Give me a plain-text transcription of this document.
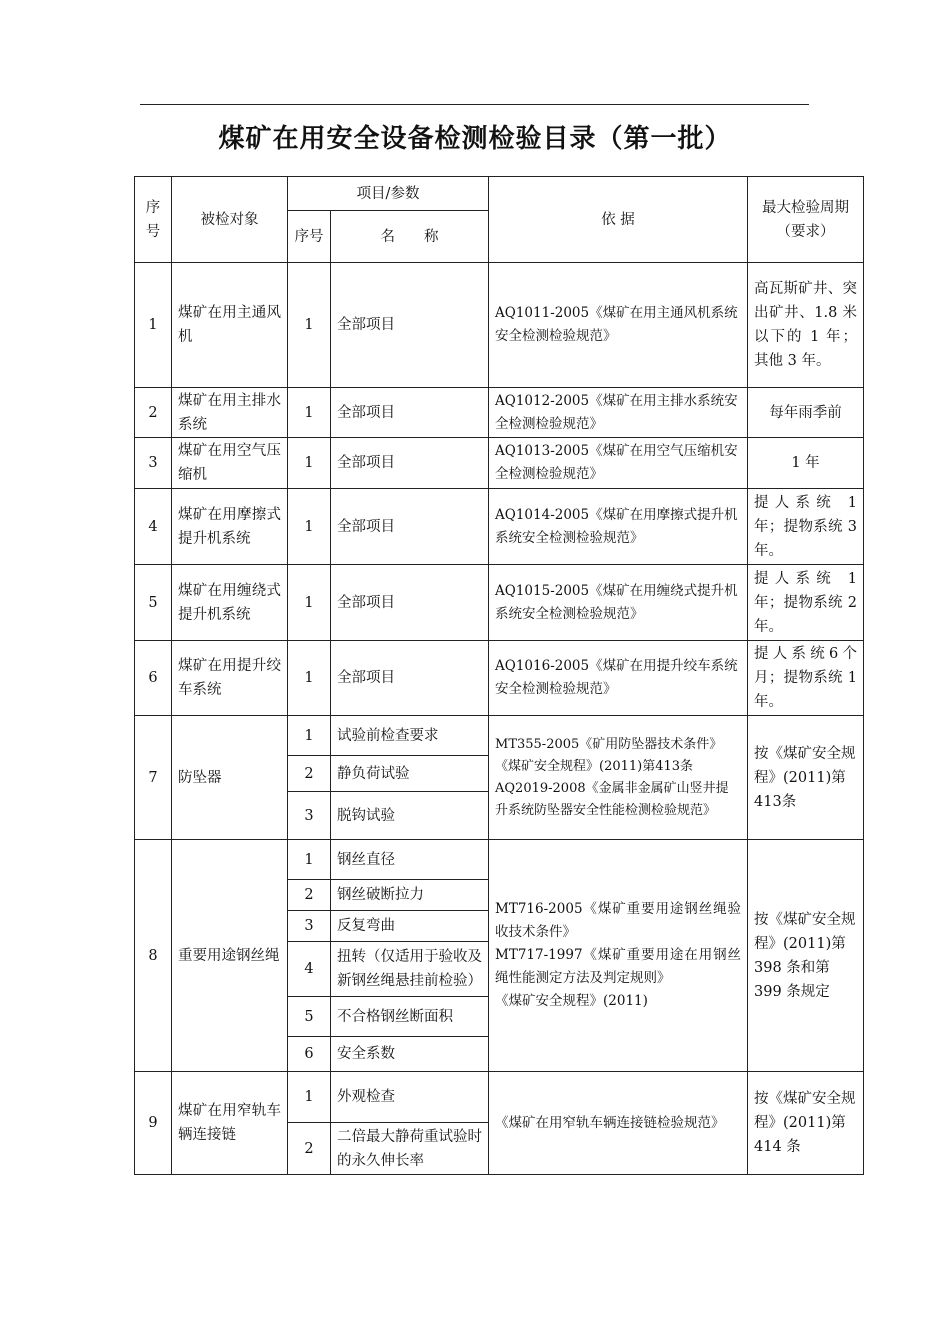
煤矿在用安全设备检测检验目录（第一批）
序号	被检对象	项目/参数		依 据	最大检验周期（要求）
		序号	名　　称		
1	煤矿在用主通风机	1	全部项目	AQ1011-2005《煤矿在用主通风机系统安全检测检验规范》	高瓦斯矿井、突出矿井、1.8 米以下的 1 年；其他 3 年。
2	煤矿在用主排水系统	1	全部项目	AQ1012-2005《煤矿在用主排水系统安全检测检验规范》	每年雨季前
3	煤矿在用空气压缩机	1	全部项目	AQ1013-2005《煤矿在用空气压缩机安全检测检验规范》	1 年
4	煤矿在用摩擦式提升机系统	1	全部项目	AQ1014-2005《煤矿在用摩擦式提升机系统安全检测检验规范》	提人系统 1 年；提物系统 3 年。
5	煤矿在用缠绕式提升机系统	1	全部项目	AQ1015-2005《煤矿在用缠绕式提升机系统安全检测检验规范》	提人系统 1 年；提物系统 2 年。
6	煤矿在用提升绞车系统	1	全部项目	AQ1016-2005《煤矿在用提升绞车系统安全检测检验规范》	提人系统6个月；提物系统 1 年。
7	防坠器	1	试验前检查要求	MT355-2005《矿用防坠器技术条件》
《煤矿安全规程》(2011)第413条
AQ2019-2008《金属非金属矿山竖井提升系统防坠器安全性能检测检验规范》	按《煤矿安全规程》(2011)第413条
		2	静负荷试验		
		3	脱钩试验		
8	重要用途钢丝绳	1	钢丝直径	MT716-2005《煤矿重要用途钢丝绳验收技术条件》
MT717-1997《煤矿重要用途在用钢丝绳性能测定方法及判定规则》
《煤矿安全规程》(2011)	按《煤矿安全规程》(2011)第 398 条和第 399 条规定
		2	钢丝破断拉力		
		3	反复弯曲		
		4	扭转（仅适用于验收及新钢丝绳悬挂前检验）		
		5	不合格钢丝断面积		
		6	安全系数		
9	煤矿在用窄轨车辆连接链	1	外观检查	《煤矿在用窄轨车辆连接链检验规范》	按《煤矿安全规程》(2011)第 414 条
		2	二倍最大静荷重试验时的永久伸长率		
